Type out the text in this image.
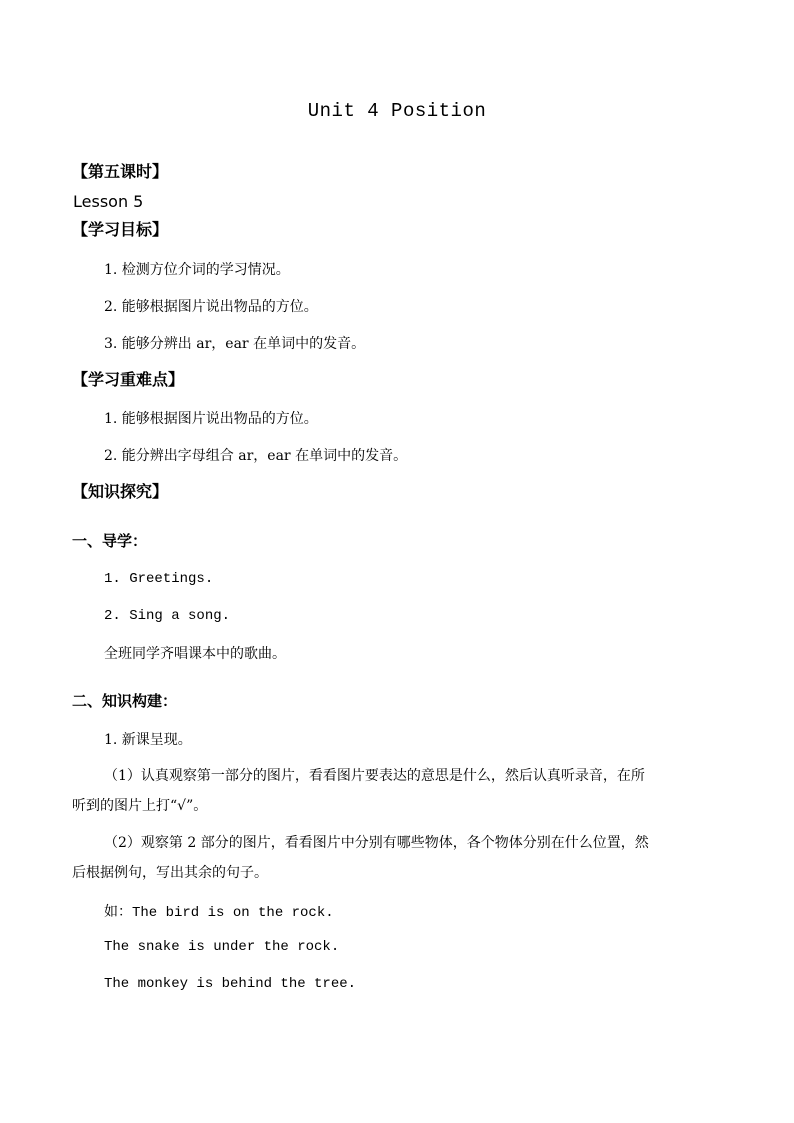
Unit 4 Position
【第五课时】
Lesson 5
【学习目标】
1. 检测方位介词的学习情况。
2. 能够根据图片说出物品的方位。
3. 能够分辨出 ar，ear 在单词中的发音。
【学习重难点】
1. 能够根据图片说出物品的方位。
2. 能分辨出字母组合 ar，ear 在单词中的发音。
【知识探究】
一、导学：
1. Greetings.
2. Sing a song.
全班同学齐唱课本中的歌曲。
二、知识构建：
1. 新课呈现。
（1）认真观察第一部分的图片，看看图片要表达的意思是什么，然后认真听录音，在所
听到的图片上打“√”。
（2）观察第 2 部分的图片，看看图片中分别有哪些物体，各个物体分别在什么位置，然
后根据例句，写出其余的句子。
如：The bird is on the rock.
The snake is under the rock.
The monkey is behind the tree.
